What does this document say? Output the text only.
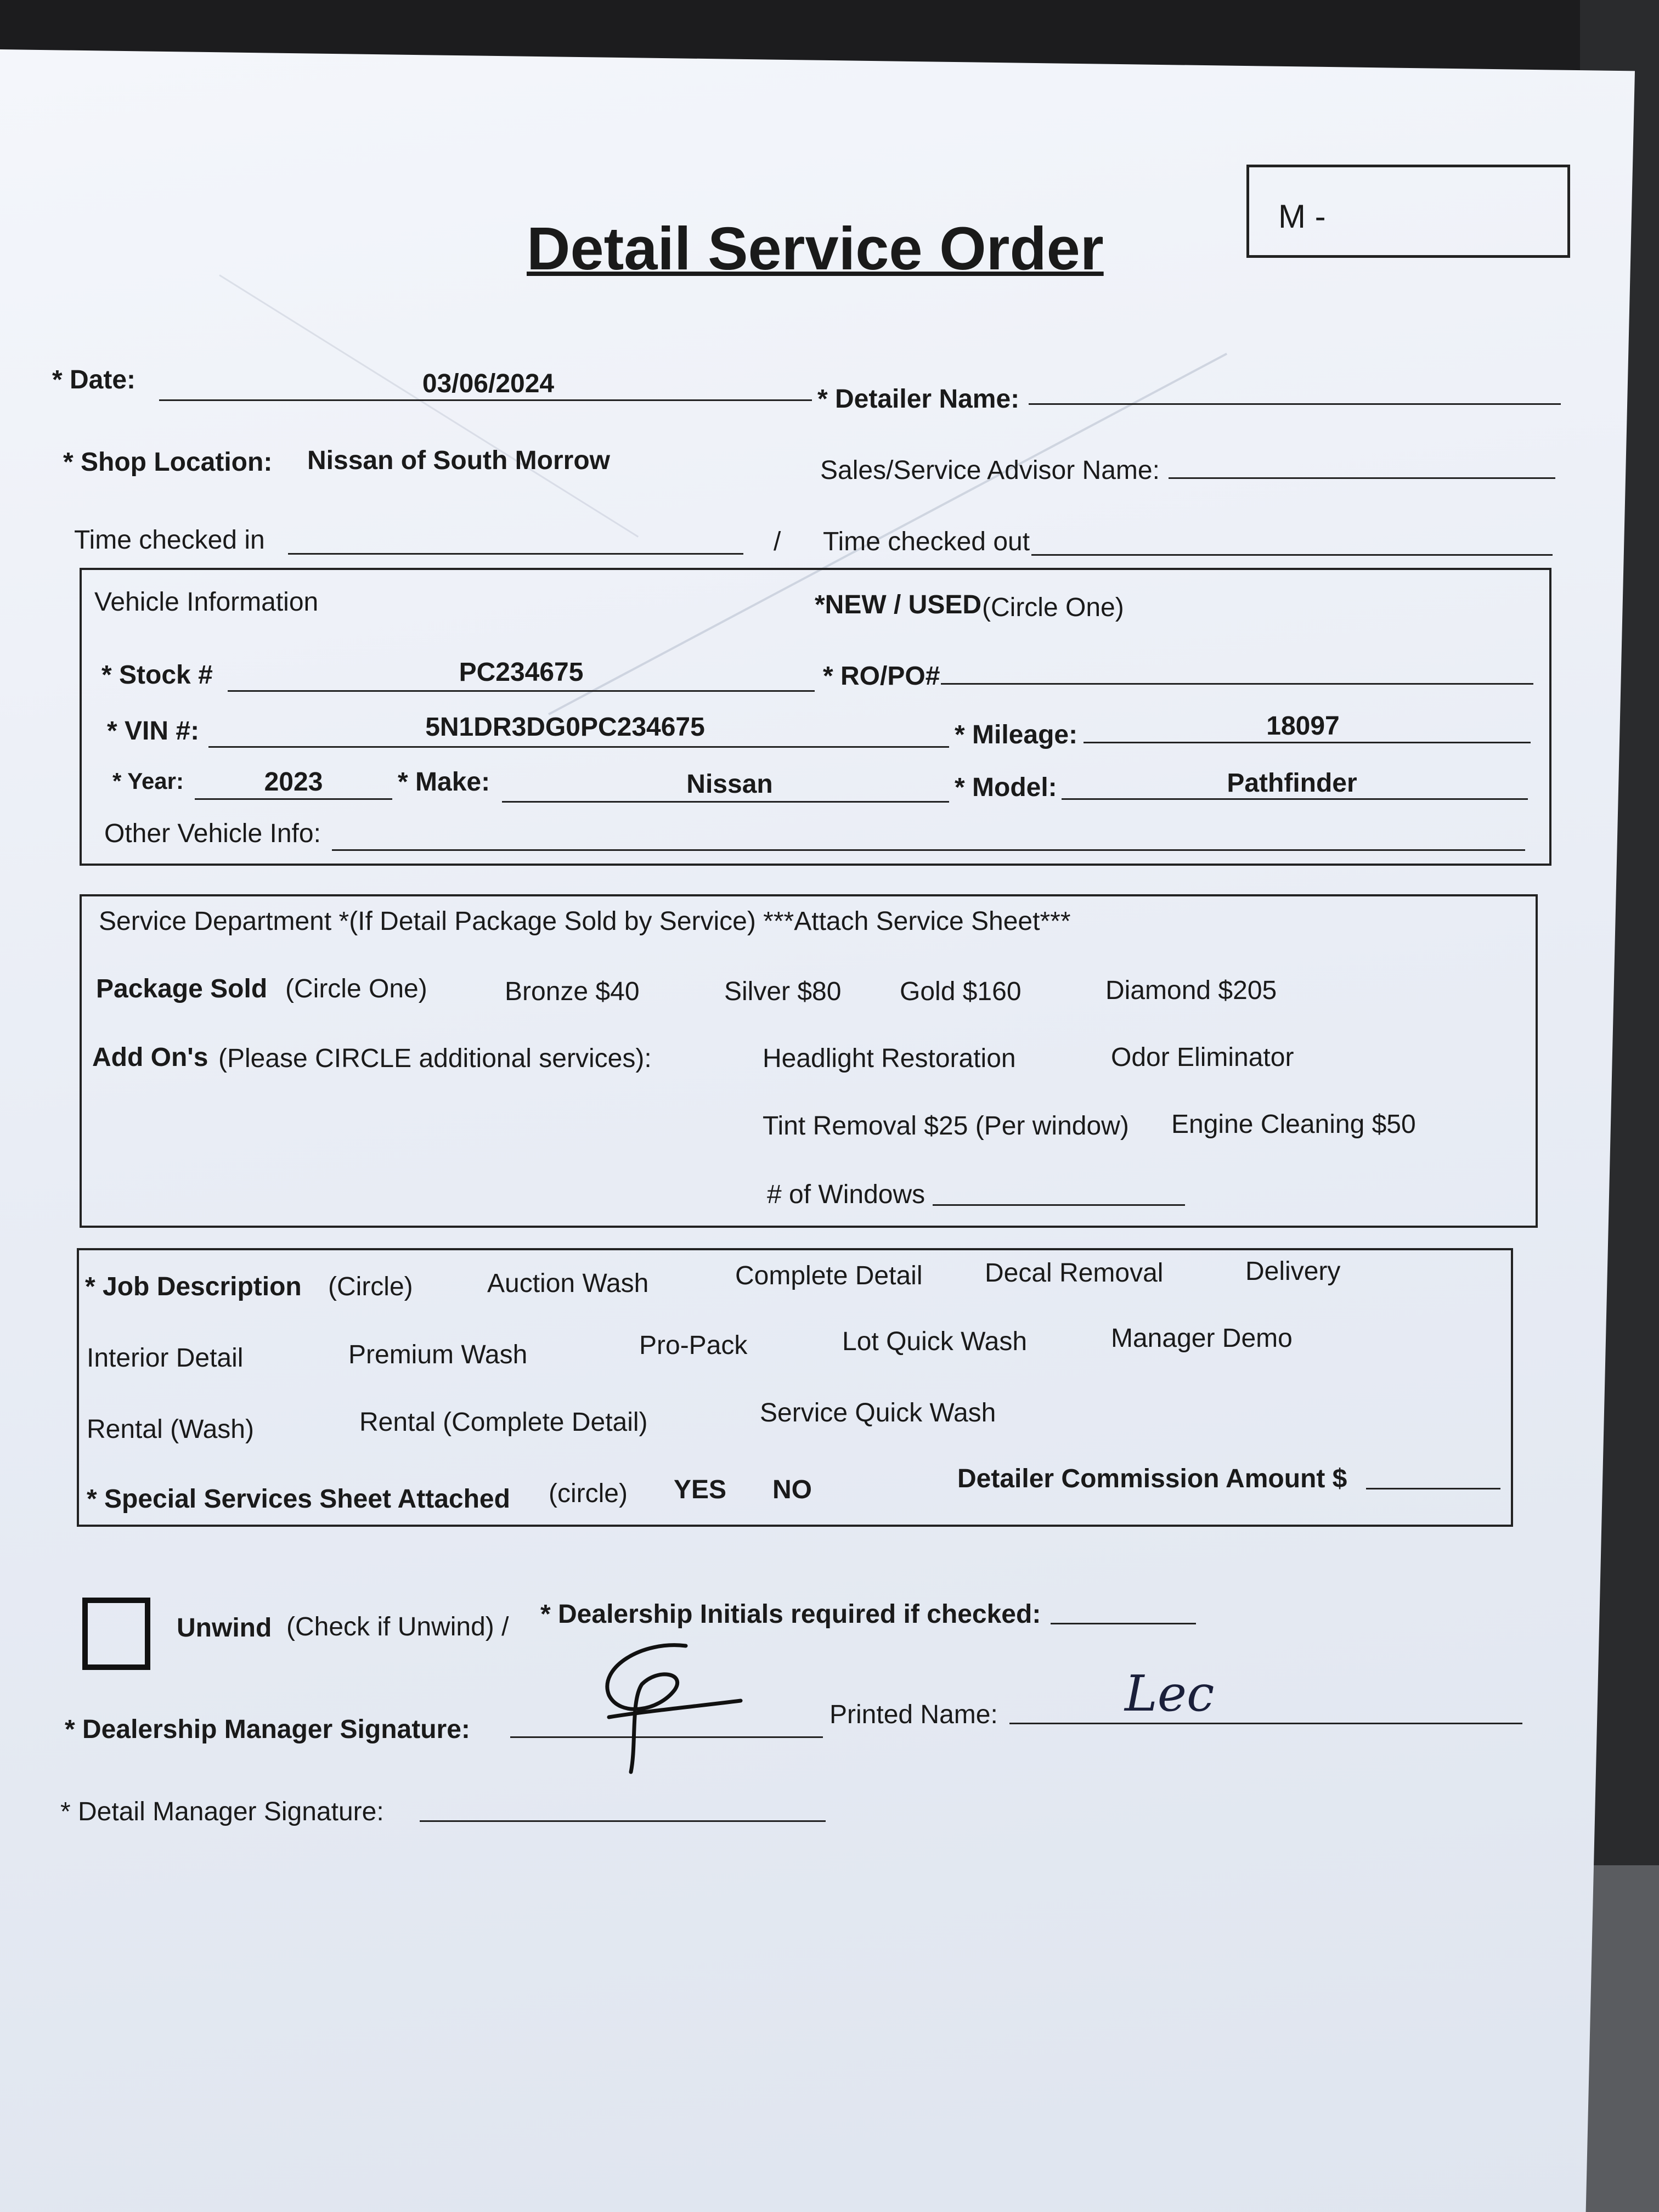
Detail Service Order	M -
* Date:	03/06/2024
* Detailer Name:
* Shop Location: Nissan of South Morrow	Sales/Service Advisor Name:
Time checked in	/ Time checked out
Vehicle Information	*NEW / USED (Circle One)
* Stock #	PC234675	* RO/PO#
* VIN #:	5N1DR3DG0PC234675	* Mileage:	18097
* Year:	2023	* Make:	Nissan	* Model:	Pathfinder
Other Vehicle Info:
Service Department *(If Detail Package Sold by Service) ***Attach Service Sheet***
Package Sold (Circle One)	Bronze $40	Silver $80 Gold $160	Diamond $205
Add On's (Please CIRCLE additional services):	Headlight Restoration	Odor Eliminator
Tint Removal $25 (Per window) Engine Cleaning $50
# of Windows
* Job Description (Circle)	Auction Wash	Complete Detail Decal Removal	Delivery
Interior Detail	Premium Wash	Pro-Pack	Lot Quick Wash	Manager Demo
Rental (Wash)	Rental (Complete Detail)	Service Quick Wash
* Special Services Sheet Attached (circle) YES NO	Detailer Commission Amount $
Unwind (Check if Unwind) / * Dealership Initials required if checked:
* Dealership Manager Signature:
Printed Name:	Lec
* Detail Manager Signature:
